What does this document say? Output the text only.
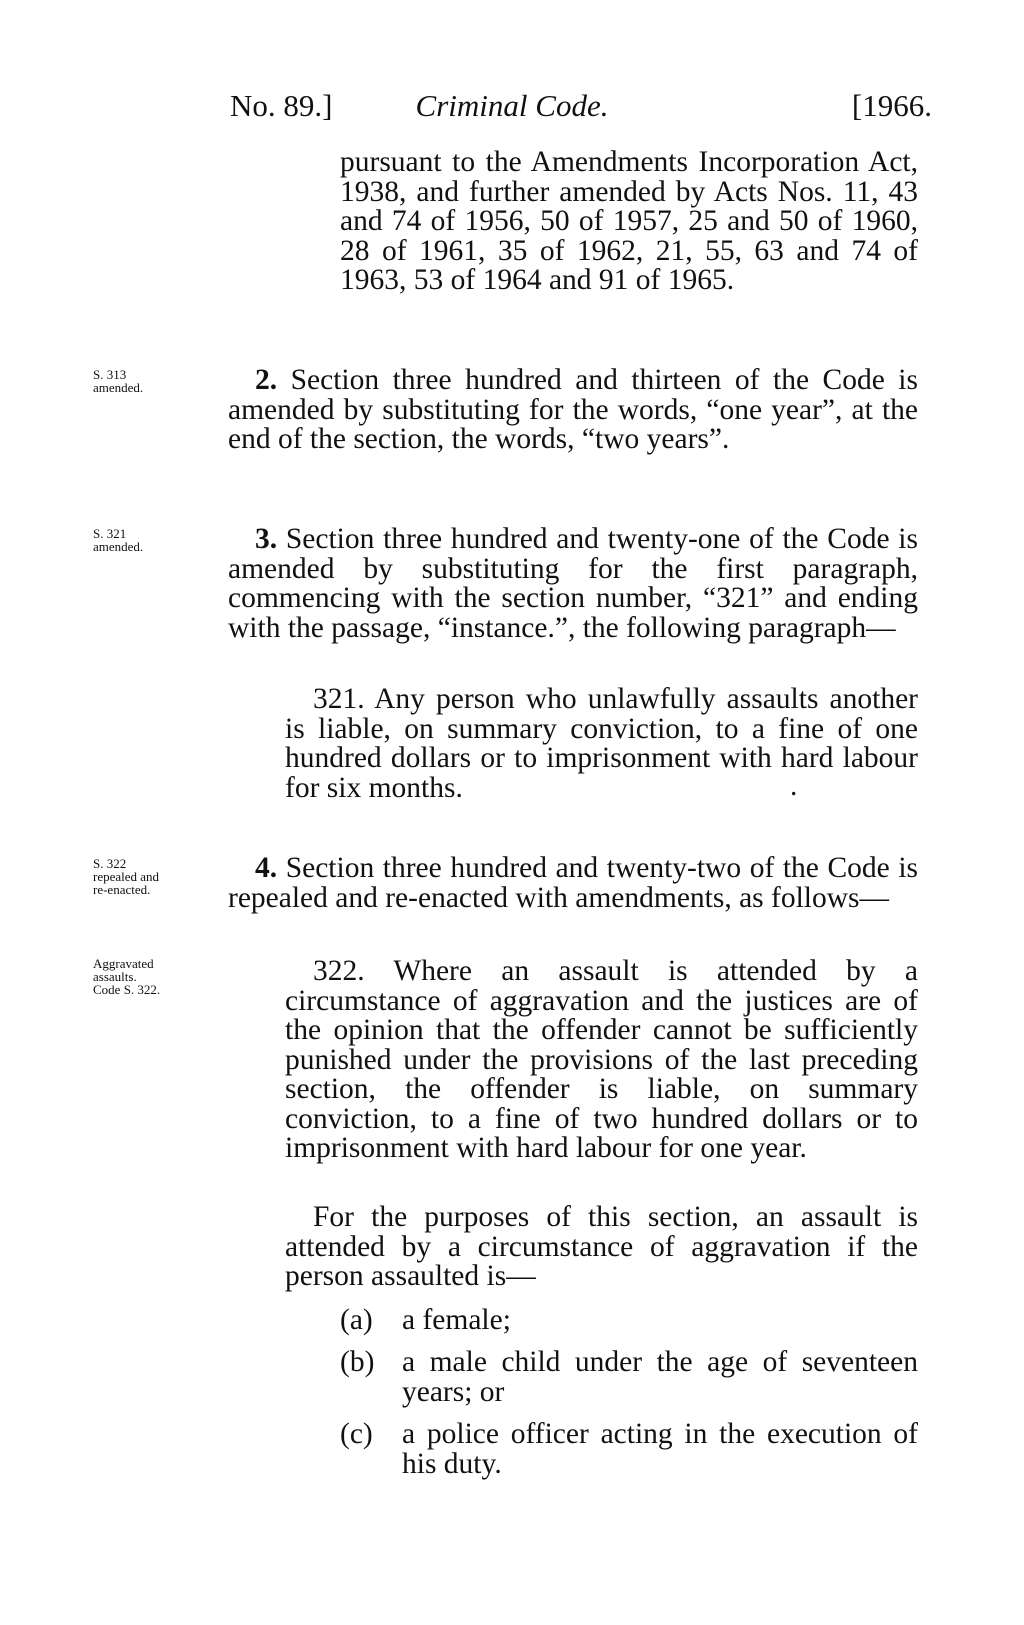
No. 89.]	Criminal Code.	[1966.
pursuant to the Amendments Incorporation Act, 1938, and further amended by Acts Nos. 11, 43 and 74 of 1956, 50 of 1957, 25 and 50 of 1960, 28 of 1961, 35 of 1962, 21, 55, 63 and 74 of 1963, 53 of 1964 and 91 of 1965.
S. 313
amended.	2. Section three hundred and thirteen of the Code is amended by substituting for the words, “one year”, at the end of the section, the words, “two years”.
S. 321
amended.	3. Section three hundred and twenty-one of the Code is amended by substituting for the first paragraph, commencing with the section number, “321” and ending with the passage, “instance.”, the following paragraph—
321. Any person who unlawfully assaults another is liable, on summary conviction, to a fine of one hundred dollars or to imprisonment with hard labour for six months.	.
S. 322
repealed and
re-enacted.
4. Section three hundred and twenty-two of the Code is repealed and re-enacted with amendments, as follows—
Aggravated
assaults.
Code S. 322.
322. Where an assault is attended by a circumstance of aggravation and the justices are of the opinion that the offender cannot be sufficiently punished under the provisions of the last preceding section, the offender is liable, on summary conviction, to a fine of two hundred dollars or to imprisonment with hard labour for one year.
For the purposes of this section, an assault is attended by a circumstance of aggravation if the person assaulted is—
(a) a female;
(b) a male child under the age of seventeen years; or
(c) a police officer acting in the execution of his duty.
